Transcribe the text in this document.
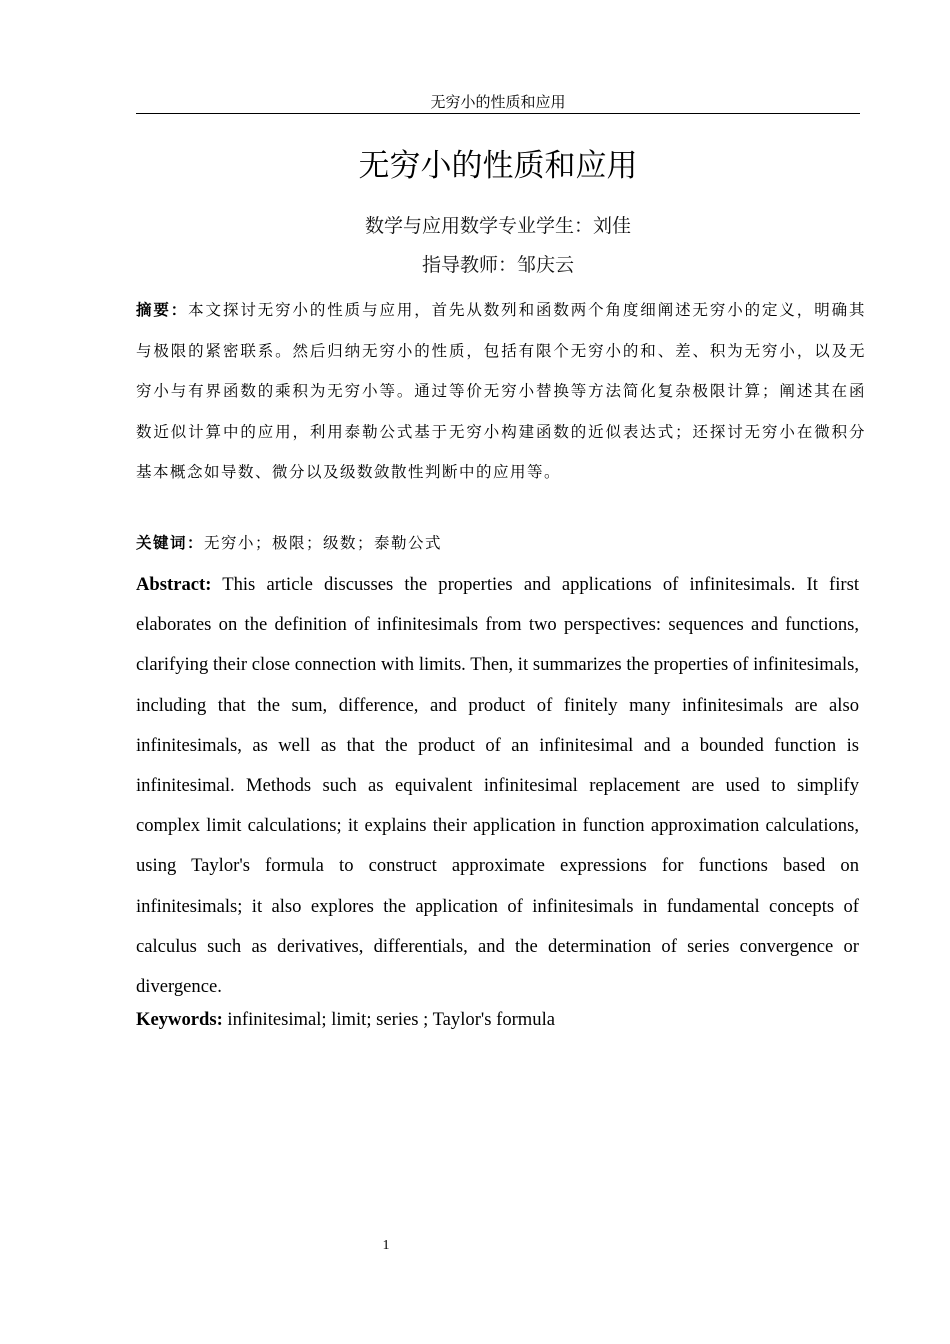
无穷小的性质和应用
无穷小的性质和应用
数学与应用数学专业学生：刘佳
指导教师：邹庆云

摘要：本文探讨无穷小的性质与应用，首先从数列和函数两个角度细阐述无穷小的定义，明确其与极限的紧密联系。然后归纳无穷小的性质，包括有限个无穷小的和、差、积为无穷小，以及无穷小与有界函数的乘积为无穷小等。通过等价无穷小替换等方法简化复杂极限计算；阐述其在函数近似计算中的应用，利用泰勒公式基于无穷小构建函数的近似表达式；还探讨无穷小在微积分基本概念如导数、微分以及级数敛散性判断中的应用等。

关键词：无穷小；极限；级数；泰勒公式

Abstract: This article discusses the properties and applications of infinitesimals. It first elaborates on the definition of infinitesimals from two perspectives: sequences and functions, clarifying their close connection with limits. Then, it summarizes the properties of infinitesimals, including that the sum, difference, and product of finitely many infinitesimals are also infinitesimals, as well as that the product of an infinitesimal and a bounded function is infinitesimal. Methods such as equivalent infinitesimal replacement are used to simplify complex limit calculations; it explains their application in function approximation calculations, using Taylor's formula to construct approximate expressions for functions based on infinitesimals; it also explores the application of infinitesimals in fundamental concepts of calculus such as derivatives, differentials, and the determination of series convergence or divergence.

Keywords: infinitesimal; limit; series ; Taylor's formula

1
